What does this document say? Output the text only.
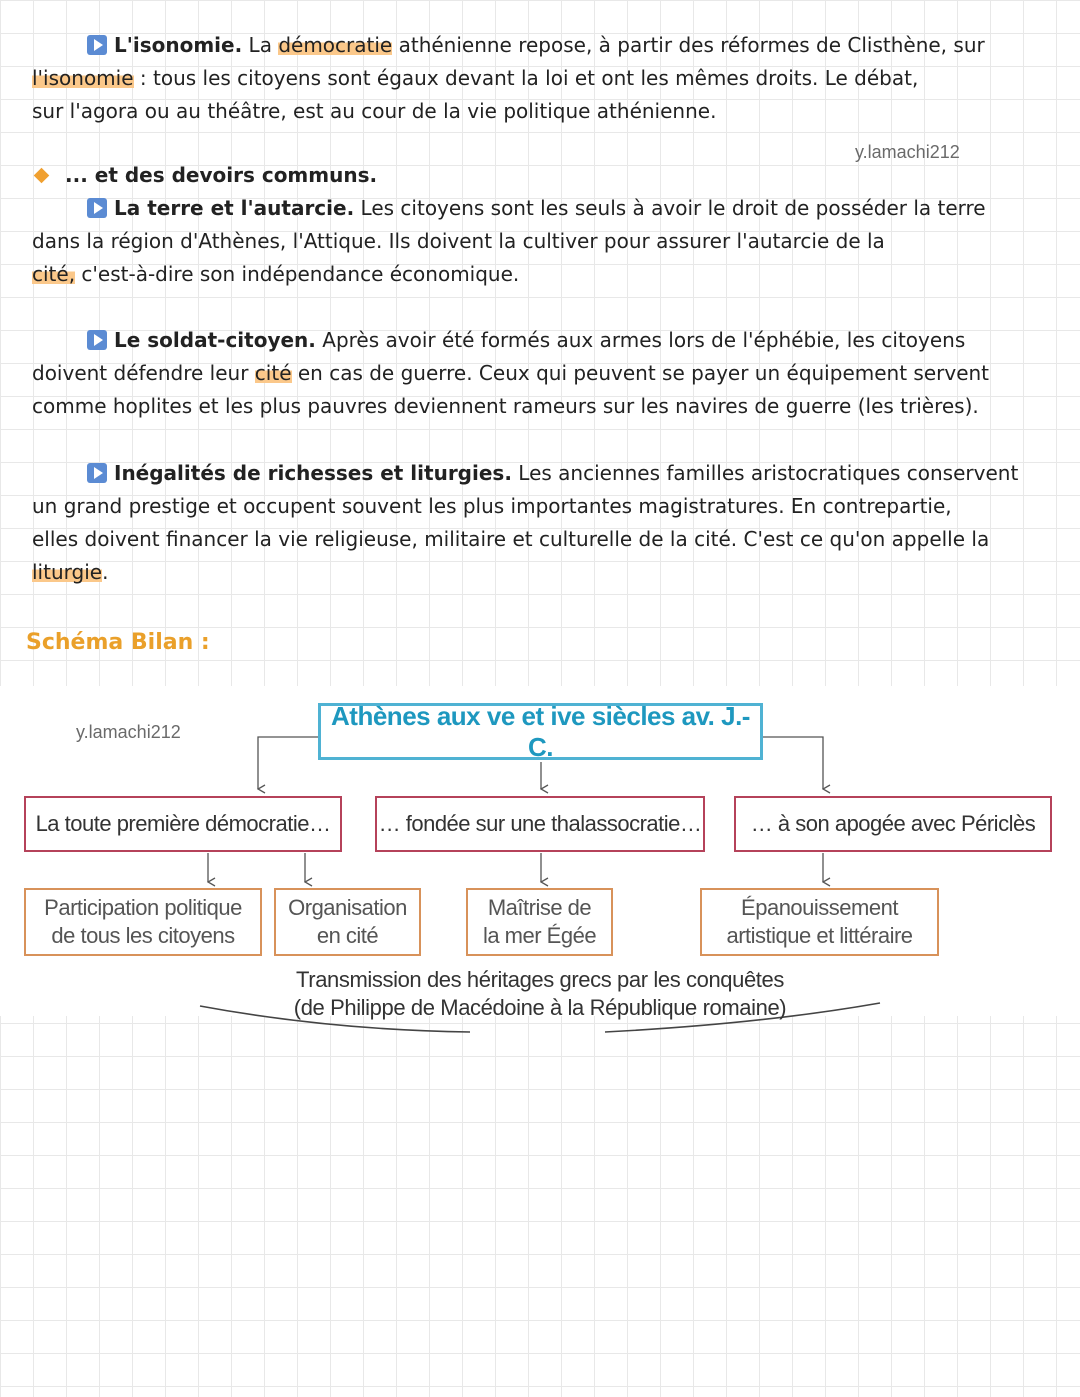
L'isonomie. La démocratie athénienne repose, à partir des réformes de Clisthène, sur
l'isonomie : tous les citoyens sont égaux devant la loi et ont les mêmes droits. Le débat,
sur l'agora ou au théâtre, est au cour de la vie politique athénienne.
y.lamachi212
... et des devoirs communs.
La terre et l'autarcie. Les citoyens sont les seuls à avoir le droit de posséder la terre
dans la région d'Athènes, l'Attique. Ils doivent la cultiver pour assurer l'autarcie de la
cité, c'est-à-dire son indépendance économique.
Le soldat-citoyen. Après avoir été formés aux armes lors de l'éphébie, les citoyens
doivent défendre leur cité en cas de guerre. Ceux qui peuvent se payer un équipement servent
comme hoplites et les plus pauvres deviennent rameurs sur les navires de guerre (les trières).
Inégalités de richesses et liturgies. Les anciennes familles aristocratiques conservent
un grand prestige et occupent souvent les plus importantes magistratures. En contrepartie,
elles doivent financer la vie religieuse, militaire et culturelle de la cité. C'est ce qu'on appelle la
liturgie.
Schéma Bilan :
y.lamachi212
Athènes aux ve et ive siècles av. J.-C.
La toute première démocratie…	… fondée sur une thalassocratie…	… à son apogée avec Périclès
Participation politique
de tous les citoyens
Organisation
en cité
Maîtrise de
la mer Égée
Épanouissement
artistique et littéraire
Transmission des héritages grecs par les conquêtes
(de Philippe de Macédoine à la République romaine)
